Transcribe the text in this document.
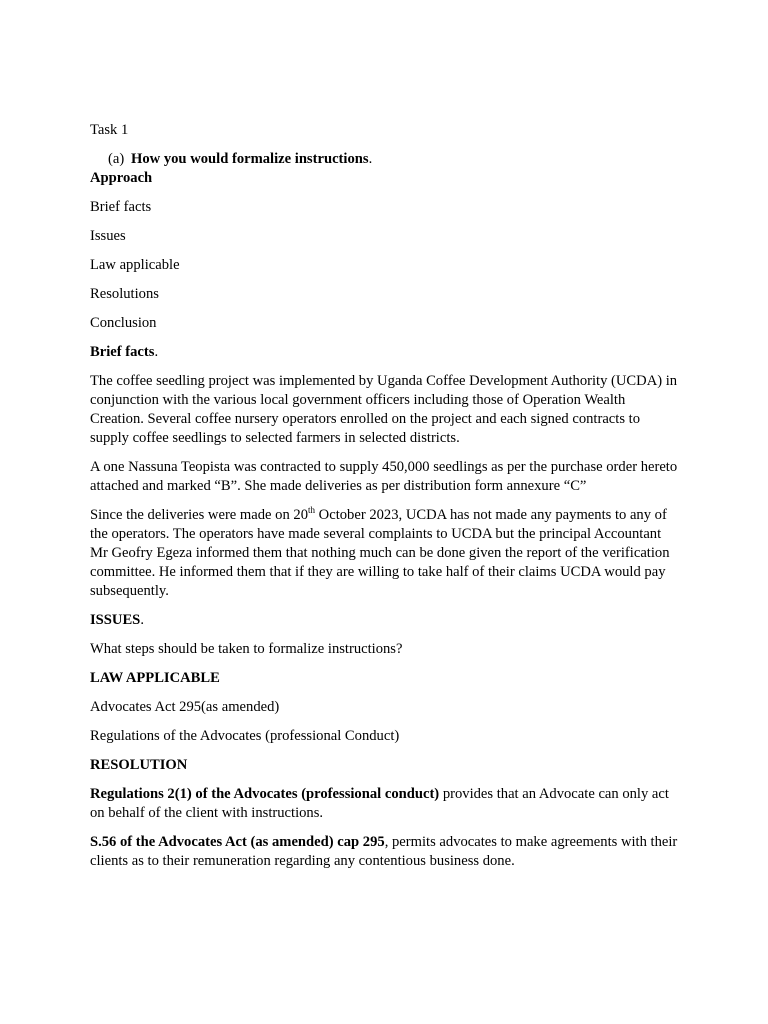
Task 1

(a) How you would formalize instructions.

Approach

Brief facts

Issues

Law applicable

Resolutions

Conclusion

Brief facts.

The coffee seedling project was implemented by Uganda Coffee Development Authority (UCDA) in conjunction with the various local government officers including those of Operation Wealth Creation. Several coffee nursery operators enrolled on the project and each signed contracts to supply coffee seedlings to selected farmers in selected districts.

A one Nassuna Teopista was contracted to supply 450,000 seedlings as per the purchase order hereto attached and marked “B”. She made deliveries as per distribution form annexure “C”

Since the deliveries were made on 20th October 2023, UCDA has not made any payments to any of the operators. The operators have made several complaints to UCDA but the principal Accountant Mr Geofry Egeza informed them that nothing much can be done given the report of the verification committee. He informed them that if they are willing to take half of their claims UCDA would pay subsequently.

ISSUES.

What steps should be taken to formalize instructions?

LAW APPLICABLE

Advocates Act 295(as amended)

Regulations of the Advocates (professional Conduct)

RESOLUTION

Regulations 2(1) of the Advocates (professional conduct) provides that an Advocate can only act on behalf of the client with instructions.

S.56 of the Advocates Act (as amended) cap 295, permits advocates to make agreements with their clients as to their remuneration regarding any contentious business done.
